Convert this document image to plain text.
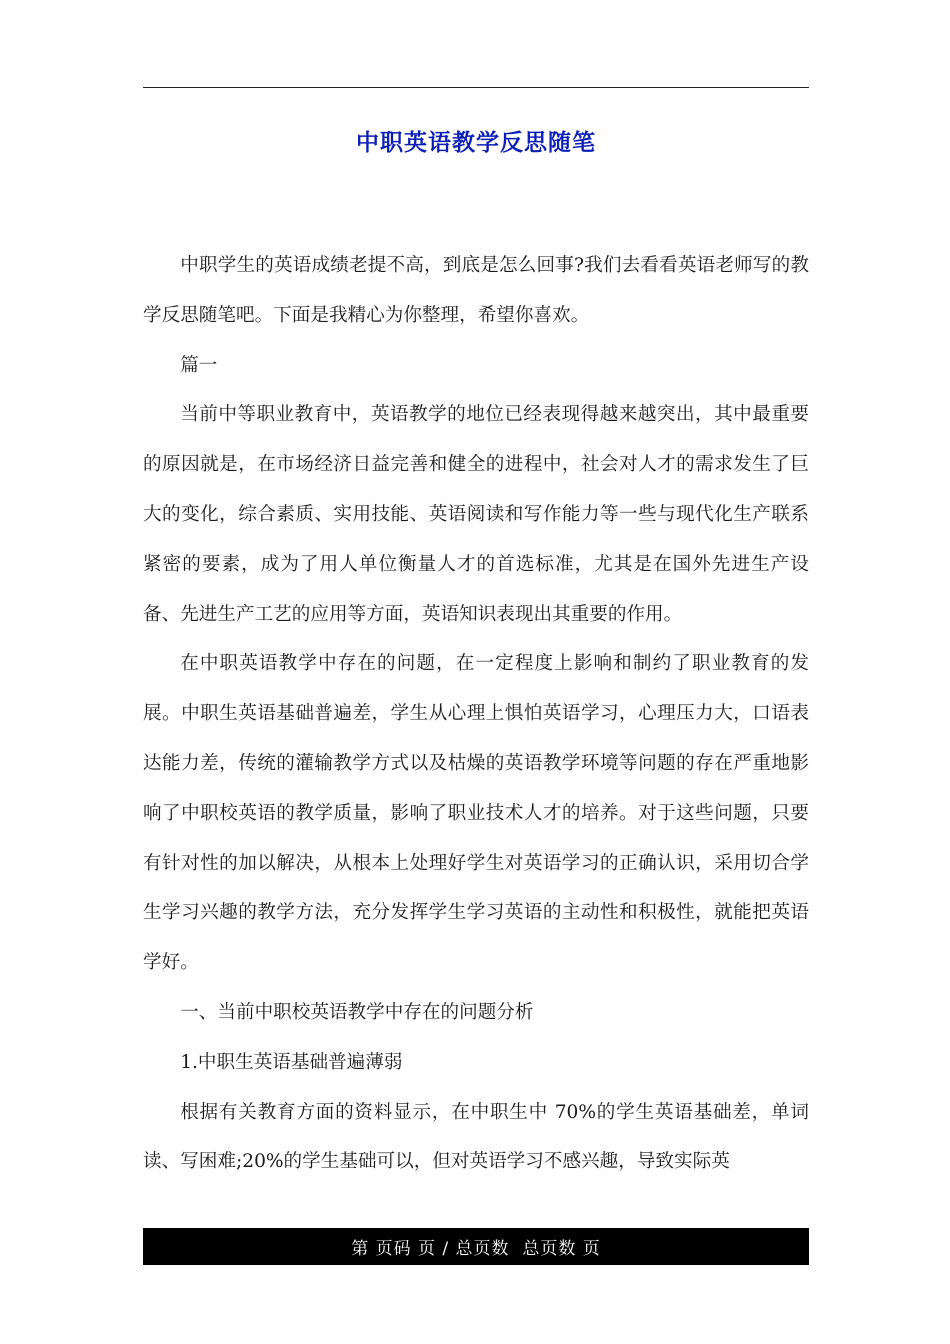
中职英语教学反思随笔

中职学生的英语成绩老提不高，到底是怎么回事?我们去看看英语老师写的教学反思随笔吧。下面是我精心为你整理，希望你喜欢。

篇一

当前中等职业教育中，英语教学的地位已经表现得越来越突出，其中最重要的原因就是，在市场经济日益完善和健全的进程中，社会对人才的需求发生了巨大的变化，综合素质、实用技能、英语阅读和写作能力等一些与现代化生产联系紧密的要素，成为了用人单位衡量人才的首选标准，尤其是在国外先进生产设备、先进生产工艺的应用等方面，英语知识表现出其重要的作用。

在中职英语教学中存在的问题，在一定程度上影响和制约了职业教育的发展。中职生英语基础普遍差，学生从心理上惧怕英语学习，心理压力大，口语表达能力差，传统的灌输教学方式以及枯燥的英语教学环境等问题的存在严重地影响了中职校英语的教学质量，影响了职业技术人才的培养。对于这些问题，只要有针对性的加以解决，从根本上处理好学生对英语学习的正确认识，采用切合学生学习兴趣的教学方法，充分发挥学生学习英语的主动性和积极性，就能把英语学好。

一、当前中职校英语教学中存在的问题分析

1.中职生英语基础普遍薄弱

根据有关教育方面的资料显示，在中职生中 70%的学生英语基础差，单词读、写困难;20%的学生基础可以，但对英语学习不感兴趣，导致实际英

第 页码 页 / 总页数  总页数 页
